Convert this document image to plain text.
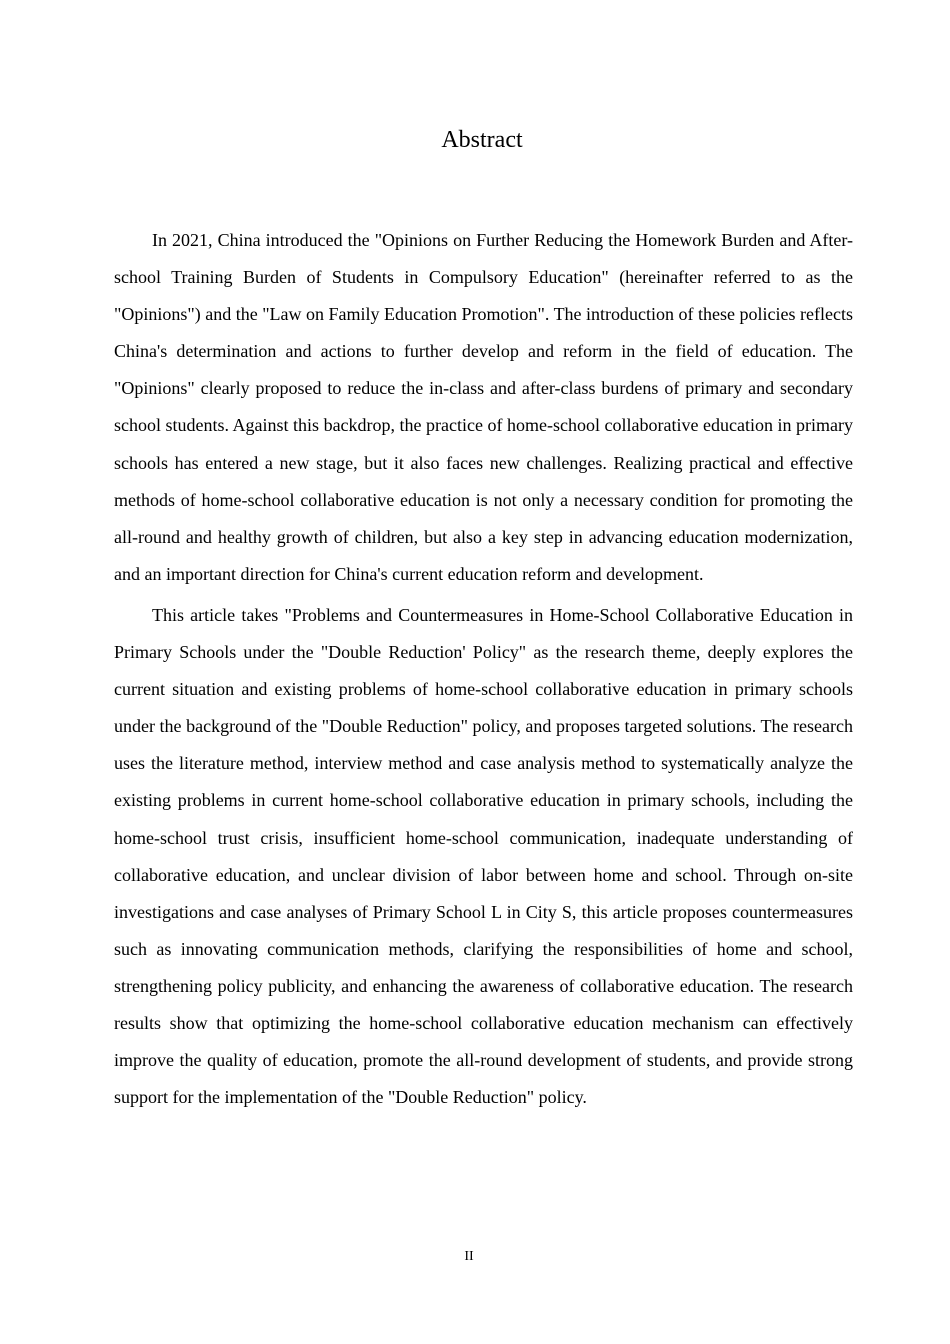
Abstract

In 2021, China introduced the "Opinions on Further Reducing the Homework Burden and After-school Training Burden of Students in Compulsory Education" (hereinafter referred to as the "Opinions") and the "Law on Family Education Promotion". The introduction of these policies reflects China's determination and actions to further develop and reform in the field of education. The "Opinions" clearly proposed to reduce the in-class and after-class burdens of primary and secondary school students. Against this backdrop, the practice of home-school collaborative education in primary schools has entered a new stage, but it also faces new challenges. Realizing practical and effective methods of home-school collaborative education is not only a necessary condition for promoting the all-round and healthy growth of children, but also a key step in advancing education modernization, and an important direction for China's current education reform and development.

This article takes "Problems and Countermeasures in Home-School Collaborative Education in Primary Schools under the "Double Reduction' Policy" as the research theme, deeply explores the current situation and existing problems of home-school collaborative education in primary schools under the background of the "Double Reduction" policy, and proposes targeted solutions. The research uses the literature method, interview method and case analysis method to systematically analyze the existing problems in current home-school collaborative education in primary schools, including the home-school trust crisis, insufficient home-school communication, inadequate understanding of collaborative education, and unclear division of labor between home and school. Through on-site investigations and case analyses of Primary School L in City S, this article proposes countermeasures such as innovating communication methods, clarifying the responsibilities of home and school, strengthening policy publicity, and enhancing the awareness of collaborative education. The research results show that optimizing the home-school collaborative education mechanism can effectively improve the quality of education, promote the all-round development of students, and provide strong support for the implementation of the "Double Reduction" policy.

II
